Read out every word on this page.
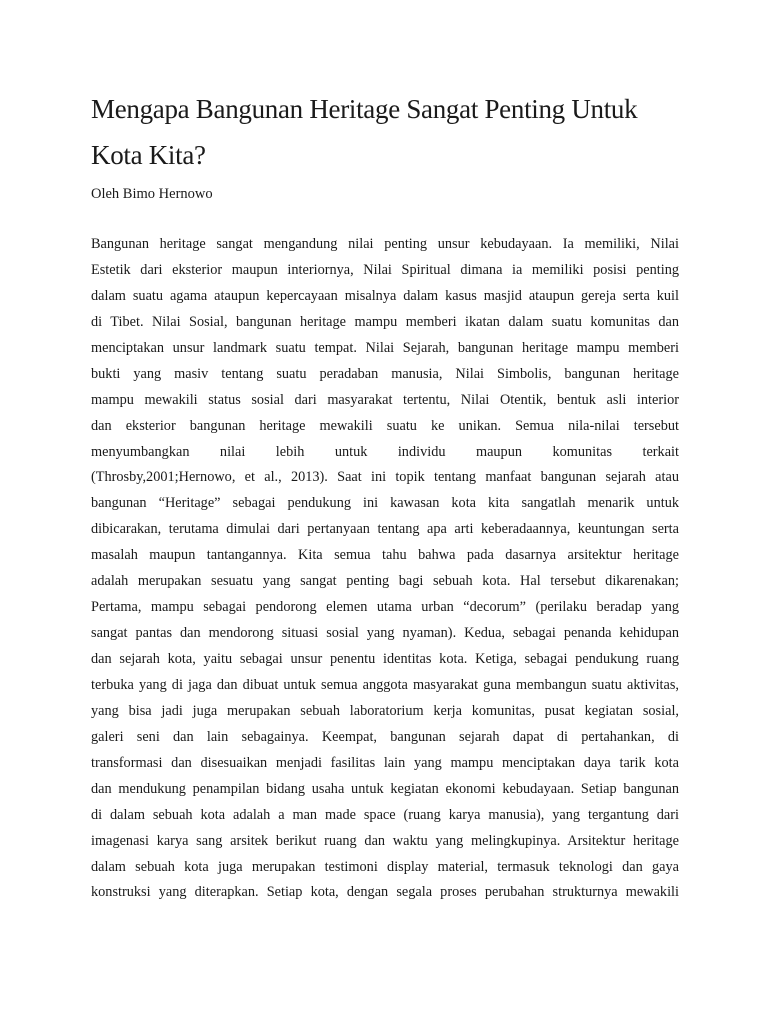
Mengapa Bangunan Heritage Sangat Penting Untuk Kota Kita?

Oleh Bimo Hernowo

Bangunan heritage sangat mengandung nilai penting unsur kebudayaan. Ia memiliki, Nilai
Estetik dari eksterior maupun interiornya, Nilai Spiritual dimana ia memiliki posisi penting
dalam suatu agama ataupun kepercayaan misalnya dalam kasus masjid ataupun gereja serta kuil
di Tibet. Nilai Sosial, bangunan heritage mampu memberi ikatan dalam suatu komunitas dan
menciptakan unsur landmark suatu tempat. Nilai Sejarah, bangunan heritage mampu memberi
bukti yang masiv tentang suatu peradaban manusia, Nilai Simbolis, bangunan heritage
mampu mewakili status sosial dari masyarakat tertentu, Nilai Otentik, bentuk asli interior
dan eksterior bangunan heritage mewakili suatu ke unikan. Semua nila-nilai tersebut
menyumbangkan nilai lebih untuk individu maupun komunitas terkait
(Throsby,2001;Hernowo, et al., 2013). Saat ini topik tentang manfaat bangunan sejarah atau
bangunan “Heritage” sebagai pendukung ini kawasan kota kita sangatlah menarik untuk
dibicarakan, terutama dimulai dari pertanyaan tentang apa arti keberadaannya, keuntungan serta
masalah maupun tantangannya. Kita semua tahu bahwa pada dasarnya arsitektur heritage
adalah merupakan sesuatu yang sangat penting bagi sebuah kota. Hal tersebut dikarenakan;
Pertama, mampu sebagai pendorong elemen utama urban “decorum” (perilaku beradap yang
sangat pantas dan mendorong situasi sosial yang nyaman). Kedua, sebagai penanda kehidupan
dan sejarah kota, yaitu sebagai unsur penentu identitas kota. Ketiga, sebagai pendukung ruang
terbuka yang di jaga dan dibuat untuk semua anggota masyarakat guna membangun suatu aktivitas,
yang bisa jadi juga merupakan sebuah laboratorium kerja komunitas, pusat kegiatan sosial,
galeri seni dan lain sebagainya. Keempat, bangunan sejarah dapat di pertahankan, di
transformasi dan disesuaikan menjadi fasilitas lain yang mampu menciptakan daya tarik kota
dan mendukung penampilan bidang usaha untuk kegiatan ekonomi kebudayaan. Setiap bangunan
di dalam sebuah kota adalah a man made space (ruang karya manusia), yang tergantung dari
imagenasi karya sang arsitek berikut ruang dan waktu yang melingkupinya. Arsitektur heritage
dalam sebuah kota juga merupakan testimoni display material, termasuk teknologi dan gaya
konstruksi yang diterapkan. Setiap kota, dengan segala proses perubahan strukturnya mewakili
